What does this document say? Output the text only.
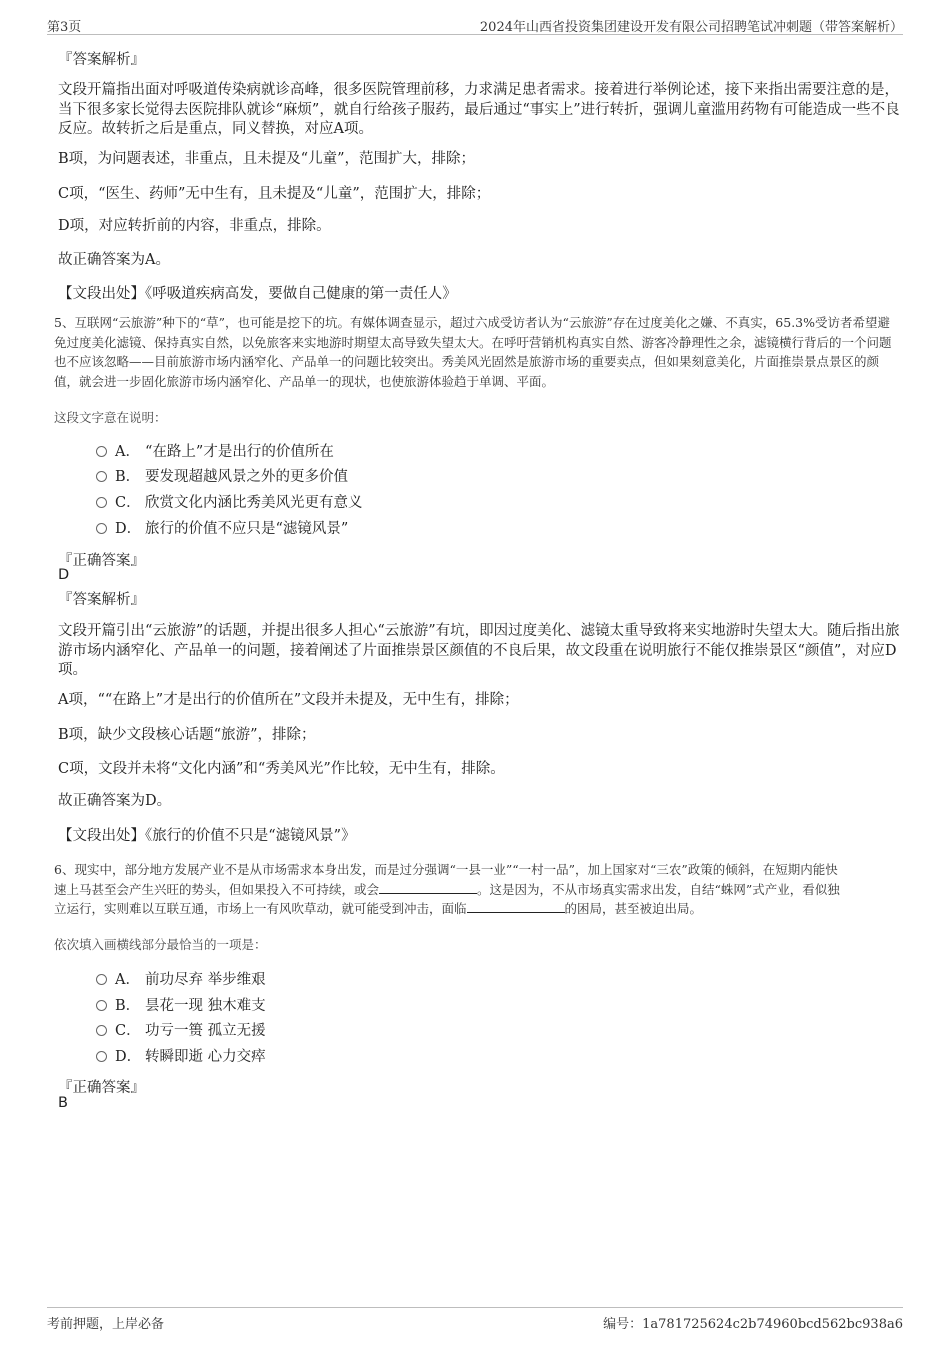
第3页	2024年山西省投资集团建设开发有限公司招聘笔试冲刺题（带答案解析）
『答案解析』
文段开篇指出面对呼吸道传染病就诊高峰，很多医院管理前移，力求满足患者需求。接着进行举例论述，接下来指出需要注意的是，当下很多家长觉得去医院排队就诊“麻烦”，就自行给孩子服药，最后通过“事实上”进行转折，强调儿童滥用药物有可能造成一些不良反应。故转折之后是重点，同义替换，对应A项。
B项，为问题表述，非重点，且未提及“儿童”，范围扩大，排除；
C项，“医生、药师”无中生有，且未提及“儿童”，范围扩大，排除；
D项，对应转折前的内容，非重点，排除。
故正确答案为A。
【文段出处】《呼吸道疾病高发，要做自己健康的第一责任人》
5、互联网“云旅游”种下的“草”，也可能是挖下的坑。有媒体调查显示，超过六成受访者认为“云旅游”存在过度美化之嫌、不真实，65.3%受访者希望避免过度美化滤镜、保持真实自然，以免旅客来实地游时期望太高导致失望太大。在呼吁营销机构真实自然、游客冷静理性之余，滤镜横行背后的一个问题也不应该忽略——目前旅游市场内涵窄化、产品单一的问题比较突出。秀美风光固然是旅游市场的重要卖点，但如果刻意美化，片面推崇景点景区的颜值，就会进一步固化旅游市场内涵窄化、产品单一的现状，也使旅游体验趋于单调、平面。
这段文字意在说明：
A． “在路上”才是出行的价值所在
B． 要发现超越风景之外的更多价值
C． 欣赏文化内涵比秀美风光更有意义
D． 旅行的价值不应只是“滤镜风景”
『正确答案』
D
『答案解析』
文段开篇引出“云旅游”的话题，并提出很多人担心“云旅游”有坑，即因过度美化、滤镜太重导致将来实地游时失望太大。随后指出旅游市场内涵窄化、产品单一的问题，接着阐述了片面推崇景区颜值的不良后果，故文段重在说明旅行不能仅推崇景区“颜值”，对应D项。
A项，““在路上”才是出行的价值所在”文段并未提及，无中生有，排除；
B项，缺少文段核心话题“旅游”，排除；
C项，文段并未将“文化内涵”和“秀美风光”作比较，无中生有，排除。
故正确答案为D。
【文段出处】《旅行的价值不只是“滤镜风景”》
6、现实中，部分地方发展产业不是从市场需求本身出发，而是过分强调“一县一业”“一村一品”，加上国家对“三农”政策的倾斜，在短期内能快
速上马甚至会产生兴旺的势头，但如果投入不可持续，或会	。这是因为，不从市场真实需求出发，自结“蛛网”式产业，看似独
立运行，实则难以互联互通，市场上一有风吹草动，就可能受到冲击，面临	的困局，甚至被迫出局。
依次填入画横线部分最恰当的一项是：
A． 前功尽弃 举步维艰
B． 昙花一现 独木难支
C． 功亏一篑 孤立无援
D． 转瞬即逝 心力交瘁
『正确答案』
B
考前押题，上岸必备	编号：1a781725624c2b74960bcd562bc938a6
